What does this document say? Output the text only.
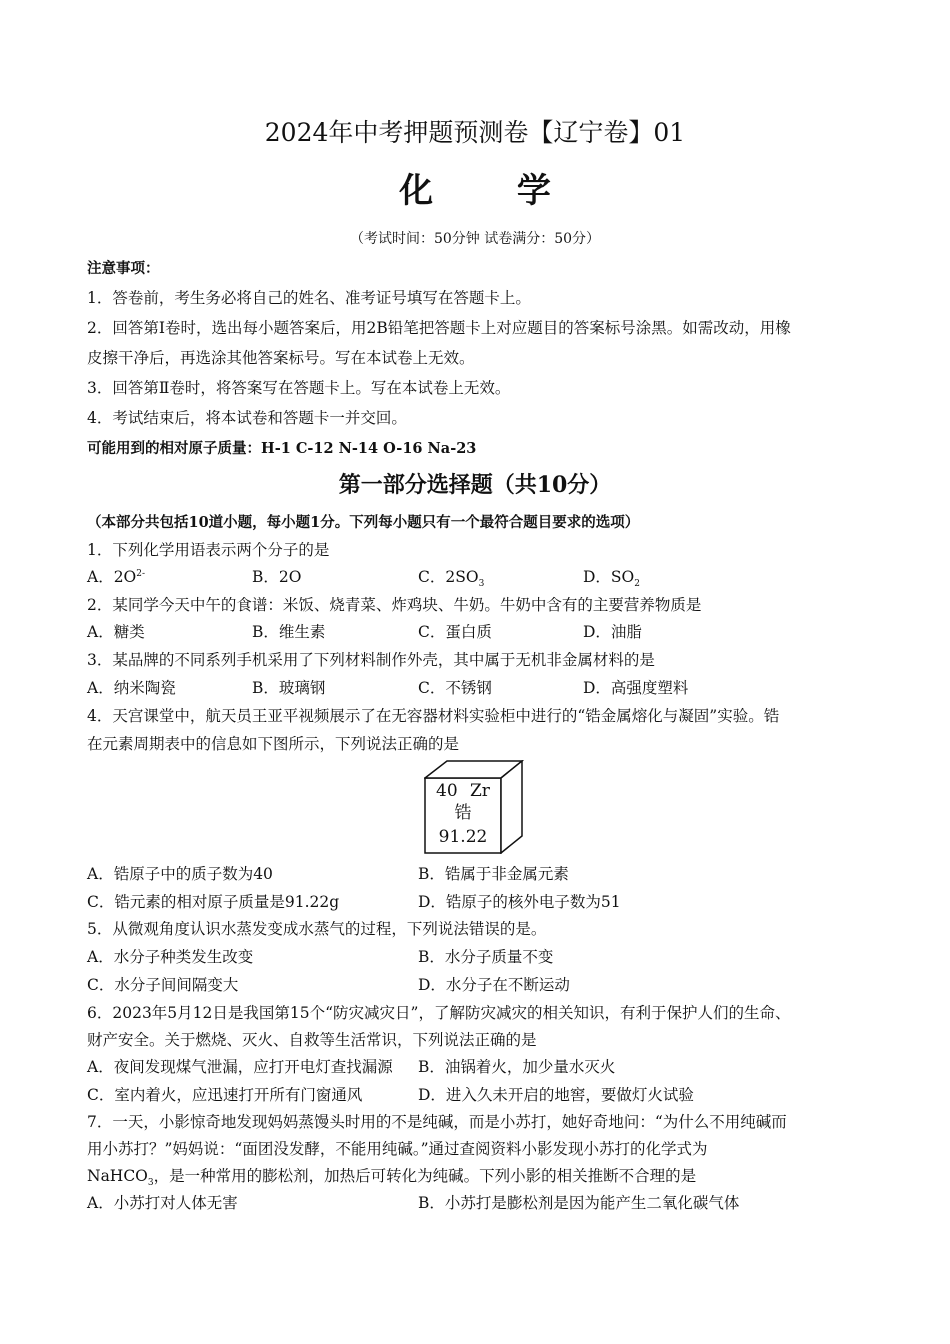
2024年中考押题预测卷【辽宁卷】01
化 学
（考试时间：50分钟 试卷满分：50分）
注意事项：
1．答卷前，考生务必将自己的姓名、准考证号填写在答题卡上。
2．回答第Ⅰ卷时，选出每小题答案后，用2B铅笔把答题卡上对应题目的答案标号涂黑。如需改动，用橡
皮擦干净后，再选涂其他答案标号。写在本试卷上无效。
3．回答第Ⅱ卷时，将答案写在答题卡上。写在本试卷上无效。
4．考试结束后，将本试卷和答题卡一并交回。
可能用到的相对原子质量：H-1 C-12 N-14 O-16 Na-23
第一部分选择题（共10分）
（本部分共包括10道小题，每小题1分。下列每小题只有一个最符合题目要求的选项）
1．下列化学用语表示两个分子的是
A．$2O^{2-}$	B．2O	C．$2SO_3$	D．$SO_2$
2．某同学今天中午的食谱：米饭、烧青菜、炸鸡块、牛奶。牛奶中含有的主要营养物质是
A．糖类	B．维生素	C．蛋白质	D．油脂
3．某品牌的不同系列手机采用了下列材料制作外壳，其中属于无机非金属材料的是
A．纳米陶瓷	B．玻璃钢	C．不锈钢	D．高强度塑料
4．天宫课堂中，航天员王亚平视频展示了在无容器材料实验柜中进行的“锆金属熔化与凝固”实验。锆
在元素周期表中的信息如下图所示，下列说法正确的是
40 Zr
锆
91.22
A．锆原子中的质子数为40	B．锆属于非金属元素
C．锆元素的相对原子质量是91.22g	D．锆原子的核外电子数为51
5．从微观角度认识水蒸发变成水蒸气的过程，下列说法错误的是。
A．水分子种类发生改变	B．水分子质量不变
C．水分子间间隔变大	D．水分子在不断运动
6．2023年5月12日是我国第15个“防灾减灾日”，了解防灾减灾的相关知识，有利于保护人们的生命、
财产安全。关于燃烧、灭火、自救等生活常识，下列说法正确的是
A．夜间发现煤气泄漏，应打开电灯查找漏源 B．油锅着火，加少量水灭火
C．室内着火，应迅速打开所有门窗通风	D．进入久未开启的地窖，要做灯火试验
7．一天，小影惊奇地发现妈妈蒸馒头时用的不是纯碱，而是小苏打，她好奇地问：“为什么不用纯碱而
用小苏打？”妈妈说：“面团没发酵，不能用纯碱。”通过查阅资料小影发现小苏打的化学式为
NaHCO$_3$，是一种常用的膨松剂，加热后可转化为纯碱。下列小影的相关推断不合理的是
A．小苏打对人体无害	B．小苏打是膨松剂是因为能产生二氧化碳气体
